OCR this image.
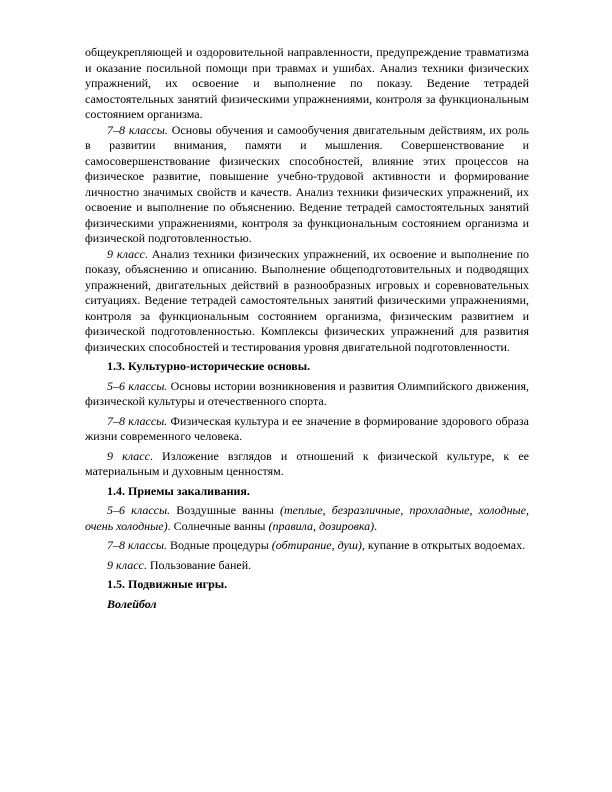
общеукрепляющей и оздоровительной направленности, предупреждение травматизма и оказание посильной помощи при травмах и ушибах. Анализ техники физических упражнений, их освоение и выполнение по показу. Ведение тетрадей самостоятельных занятий физическими упражнениями, контроля за функциональным состоянием организма.

7–8 классы. Основы обучения и самообучения двигательным действиям, их роль в развитии внимания, памяти и мышления. Совершенствование и самосовершенствование физических способностей, влияние этих процессов на физическое развитие, повышение учебно-трудовой активности и формирование личностно значимых свойств и качеств. Анализ техники физических упражнений, их освоение и выполнение по объяснению. Ведение тетрадей самостоятельных занятий физическими упражнениями, контроля за функциональным состоянием организма и физической подготовленностью.

9 класс. Анализ техники физических упражнений, их освоение и выполнение по показу, объяснению и описанию. Выполнение общеподготовительных и подводящих упражнений, двигательных действий в разнообразных игровых и соревновательных ситуациях. Ведение тетрадей самостоятельных занятий физическими упражнениями, контроля за функциональным состоянием организма, физическим развитием и физической подготовленностью. Комплексы физических упражнений для развития физических способностей и тестирования уровня двигательной подготовленности.

1.3. Культурно-исторические основы.

5–6 классы. Основы истории возникновения и развития Олимпийского движения, физической культуры и отечественного спорта.

7–8 классы. Физическая культура и ее значение в формирование здорового образа жизни современного человека.

9 класс. Изложение взглядов и отношений к физической культуре, к ее материальным и духовным ценностям.

1.4. Приемы закаливания.

5–6 классы. Воздушные ванны (теплые, безразличные, прохладные, холодные, очень холодные). Солнечные ванны (правила, дозировка).

7–8 классы. Водные процедуры (обтирание, душ), купание в открытых водоемах.

9 класс. Пользование баней.

1.5. Подвижные игры.

Волейбол
